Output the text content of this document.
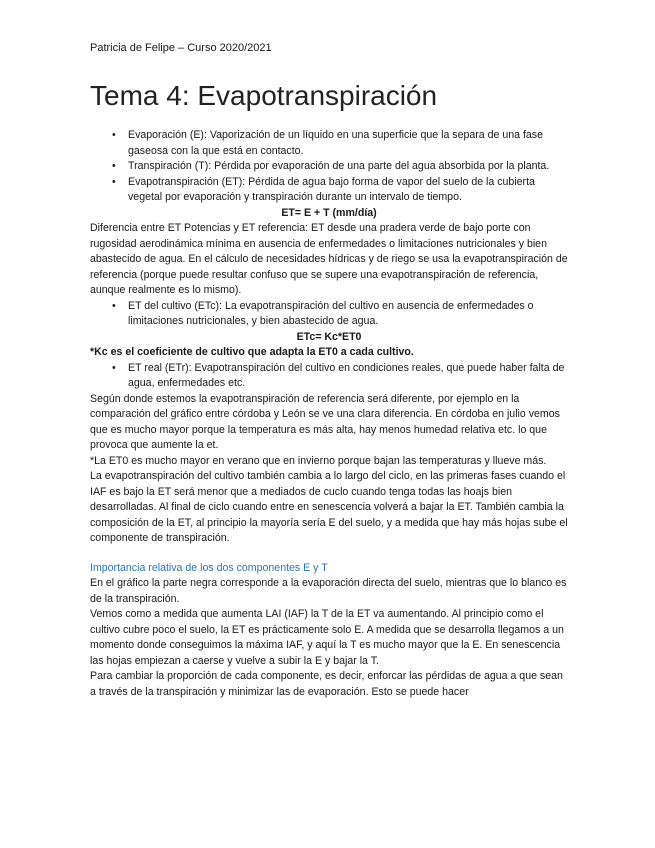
Patricia de Felipe – Curso 2020/2021
Tema 4: Evapotranspiración
• Evaporación (E): Vaporización de un líquido en una superficie que la separa de una fase gaseosa con la que está en contacto.
• Transpiración (T): Pérdida por evaporación de una parte del agua absorbida por la planta.
• Evapotranspiración (ET): Pérdida de agua bajo forma de vapor del suelo de la cubierta vegetal por evaporación y transpiración durante un intervalo de tiempo.

ET= E + T (mm/día)

Diferencia entre ET Potencias y ET referencia: ET desde una pradera verde de bajo porte con rugosidad aerodinámica mínima en ausencia de enfermedades o limitaciones nutricionales y bien abastecido de agua. En el cálculo de necesidades hídricas y de riego se usa la evapotranspiración de referencia (porque puede resultar confuso que se supere una evapotranspiración de referencia, aunque realmente es lo mismo).

• ET del cultivo (ETc): La evapotranspiración del cultivo en ausencia de enfermedades o limitaciones nutricionales, y bien abastecido de agua.

ETc= Kc*ET0

*Kc es el coeficiente de cultivo que adapta la ET0 a cada cultivo.

• ET real (ETr): Evapotranspiración del cultivo en condiciones reales, que puede haber falta de agua, enfermedades etc.

Según donde estemos la evapotranspiración de referencia será diferente, por ejemplo en la comparación del gráfico entre córdoba y León se ve una clara diferencia. En córdoba en julio vemos que es mucho mayor porque la temperatura es más alta, hay menos humedad relativa etc. lo que provoca que aumente la et.

*La ET0 es mucho mayor en verano que en invierno porque bajan las temperaturas y llueve más.

La evapotranspiración del cultivo también cambia a lo largo del ciclo, en las primeras fases cuando el IAF es bajo la ET será menor que a mediados de cuclo cuando tenga todas las hoajs bien desarrolladas. Al final de ciclo cuando entre en senescencia volverá a bajar la ET. También cambia la composición de la ET, al principio la mayoría sería E del suelo, y a medida que hay más hojas sube el componente de transpiración.

Importancia relativa de los dos componentes E y T

En el gráfico la parte negra corresponde a la evaporación directa del suelo, mientras que lo blanco es de la transpiración.

Vemos como a medida que aumenta LAI (IAF) la T de la ET va aumentando. Al principio como el cultivo cubre poco el suelo, la ET es prácticamente solo E. A medida que se desarrolla llegamos a un momento donde conseguimos la máxima IAF, y aquí la T es mucho mayor que la E. En senescencia las hojas empiezan a caerse y vuelve a subir la E y bajar la T.

Para cambiar la proporción de cada componente, es decir, enforcar las pérdidas de agua a que sean a través de la transpiración y minimizar las de evaporación. Esto se puede hacer
